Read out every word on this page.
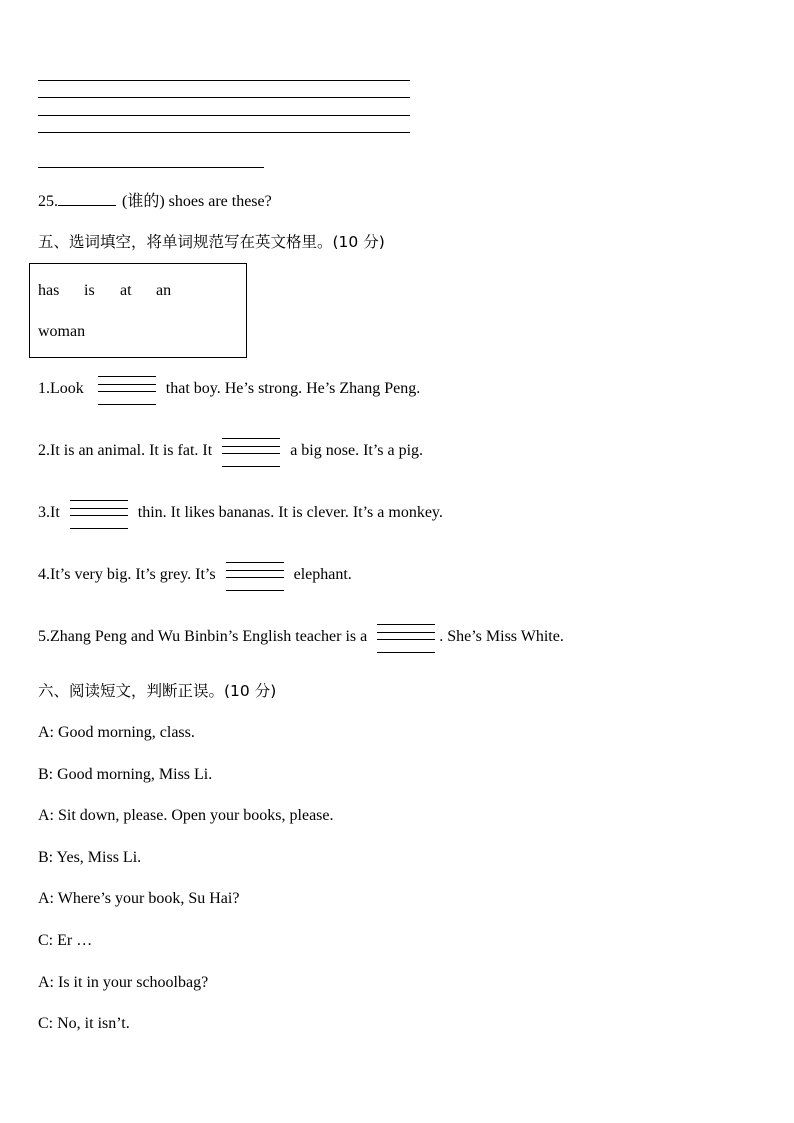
25.	(谁的) shoes are these?
五、选词填空，将单词规范写在英文格里。(10 分)
has is at an
woman
1.Look	that boy. He’s strong. He’s Zhang Peng.
2.It is an animal. It is fat. It	a big nose. It’s a pig.
3.It	thin. It likes bananas. It is clever. It’s a monkey.
4.It’s very big. It’s grey. It’s	elephant.
5.Zhang Peng and Wu Binbin’s English teacher is a	. She’s Miss White.
六、阅读短文，判断正误。(10 分)
A: Good morning, class.
B: Good morning, Miss Li.
A: Sit down, please. Open your books, please.
B: Yes, Miss Li.
A: Where’s your book, Su Hai?
C: Er …
A: Is it in your schoolbag?
C: No, it isn’t.
